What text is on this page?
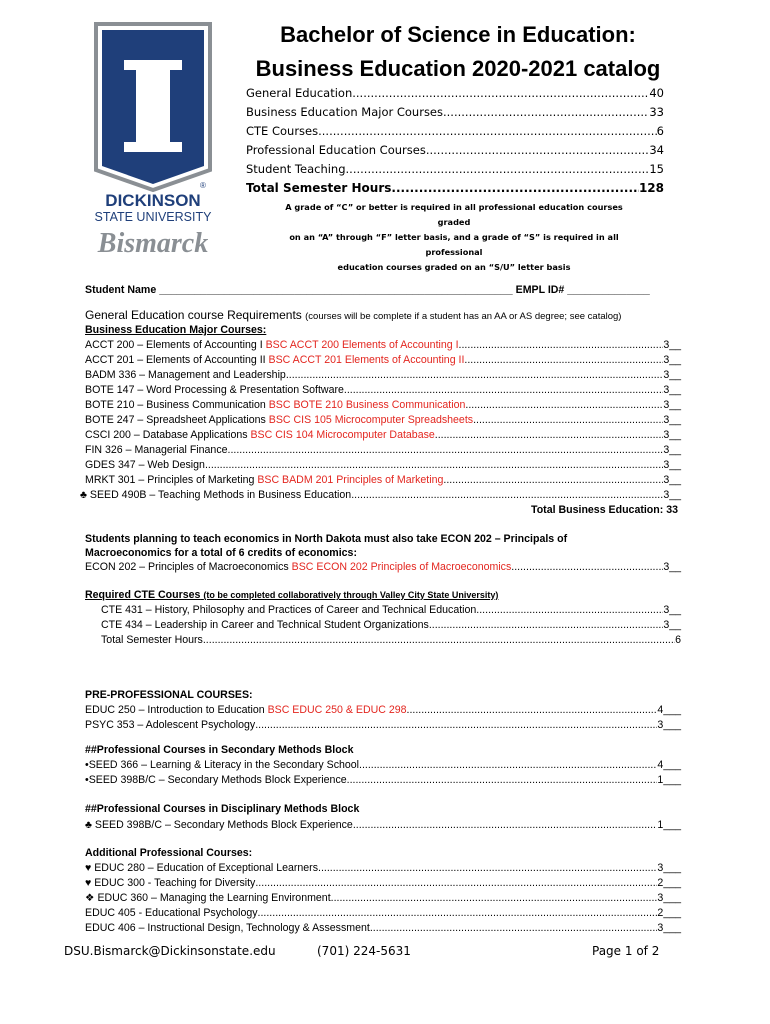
®
DICKINSON
STATE UNIVERSITY
Bismarck
Bachelor of Science in Education:
Business Education 2020-2021 catalog
General Education .....	40
Business Education Major Courses .....	33
CTE Courses .....	6
Professional Education Courses .....	34
Student Teaching .....	15
Total Semester Hours .....	128
A grade of “C” or better is required in all professional education courses graded
on an “A” through “F” letter basis, and a grade of “S” is required in all professional
education courses graded on an “S/U” letter basis
Student Name ____________________________________________________________ EMPL ID# ______________
General Education course Requirements (courses will be complete if a student has an AA or AS degree; see catalog)
Business Education Major Courses:
ACCT 200 – Elements of Accounting I BSC ACCT 200 Elements of Accounting I .....	3__
ACCT 201 – Elements of Accounting II BSC ACCT 201 Elements of Accounting II .....	3__
BADM 336 – Management and Leadership .....	3__
BOTE 147 – Word Processing & Presentation Software .....	3__
BOTE 210 – Business Communication BSC BOTE 210 Business Communication .....	3__
BOTE 247 – Spreadsheet Applications BSC CIS 105 Microcomputer Spreadsheets .....	3__
CSCI 200 – Database Applications BSC CIS 104 Microcomputer Database .....	3__
FIN 326 – Managerial Finance .....	3__
GDES 347 – Web Design .....	3__
MRKT 301 – Principles of Marketing BSC BADM 201 Principles of Marketing .....	3__
♣ SEED 490B – Teaching Methods in Business Education .....	3__
Total Business Education: 33
Students planning to teach economics in North Dakota must also take ECON 202 – Principals of
Macroeconomics for a total of 6 credits of economics:
ECON 202 – Principles of Macroeconomics BSC ECON 202 Principles of Macroeconomics .....	3__
Required CTE Courses (to be completed collaboratively through Valley City State University)
CTE 431 – History, Philosophy and Practices of Career and Technical Education .....	3__
CTE 434 – Leadership in Career and Technical Student Organizations .....	3__
Total Semester Hours .....	6
PRE-PROFESSIONAL COURSES:
EDUC 250 – Introduction to Education BSC EDUC 250 & EDUC 298 .....	4___
PSYC 353 – Adolescent Psychology .....	3___
##Professional Courses in Secondary Methods Block
•SEED 366 – Learning & Literacy in the Secondary School .....	4___
•SEED 398B/C – Secondary Methods Block Experience .....	1___
##Professional Courses in Disciplinary Methods Block
♣ SEED 398B/C – Secondary Methods Block Experience .....	1___
Additional Professional Courses:
♥ EDUC 280 – Education of Exceptional Learners .....	3___
♥ EDUC 300 - Teaching for Diversity .....	2___
❖ EDUC 360 – Managing the Learning Environment .....	3___
EDUC 405 - Educational Psychology .....	2___
EDUC 406 – Instructional Design, Technology & Assessment .....	3___
DSU.Bismarck@Dickinsonstate.edu	(701) 224-5631	Page 1 of 2
